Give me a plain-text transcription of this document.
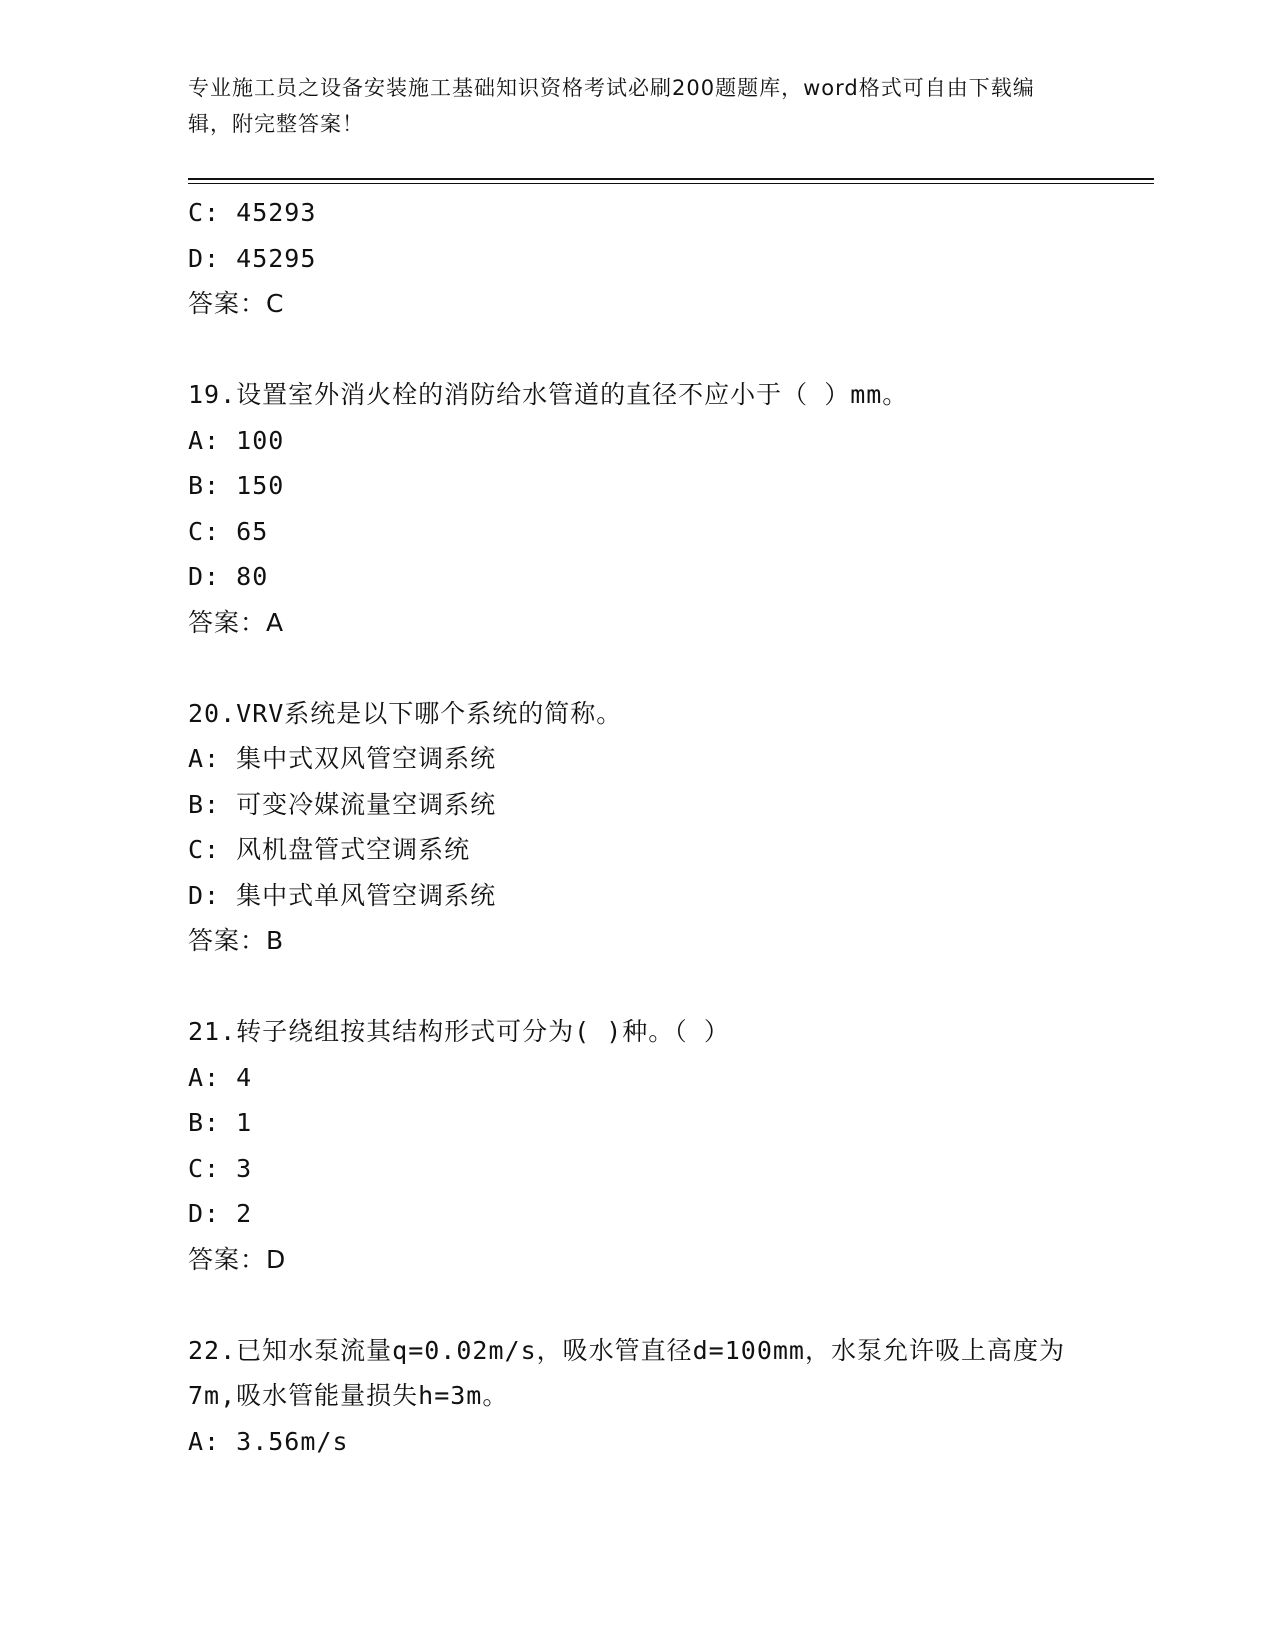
专业施工员之设备安装施工基础知识资格考试必刷200题题库，word格式可自由下载编辑，附完整答案！
C: 45293
D: 45295
答案：C
19.设置室外消火栓的消防给水管道的直径不应小于（ ）mm。
A: 100
B: 150
C: 65
D: 80
答案：A
20.VRV系统是以下哪个系统的简称。
A: 集中式双风管空调系统
B: 可变冷媒流量空调系统
C: 风机盘管式空调系统
D: 集中式单风管空调系统
答案：B
21.转子绕组按其结构形式可分为( )种。（ ）
A: 4
B: 1
C: 3
D: 2
答案：D
22.已知水泵流量q=0.02m/s，吸水管直径d=100mm，水泵允许吸上高度为7m,吸水管能量损失h=3m。
A: 3.56m/s
